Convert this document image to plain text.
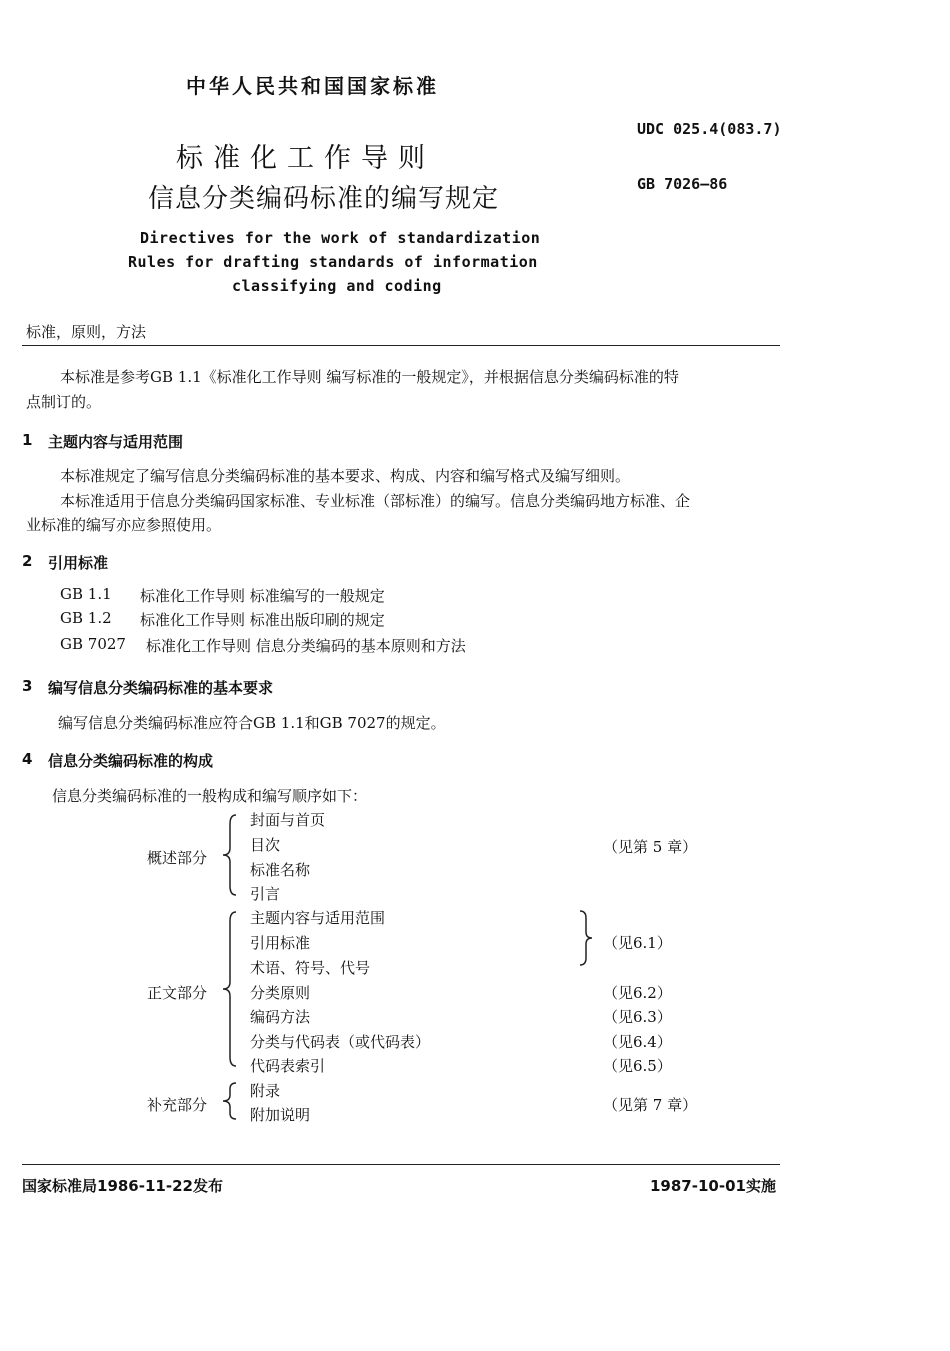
中华人民共和国国家标准
UDC 025.4(083.7)
GB 7026—86
标准化工作导则
信息分类编码标准的编写规定
Directives for the work of standardization
Rules for drafting standards of information
classifying and coding
标准，原则，方法
本标准是参考GB 1.1《标准化工作导则 编写标准的一般规定》，并根据信息分类编码标准的特
点制订的。
1 主题内容与适用范围
本标准规定了编写信息分类编码标准的基本要求、构成、内容和编写格式及编写细则。
本标准适用于信息分类编码国家标准、专业标准（部标准）的编写。信息分类编码地方标准、企
业标准的编写亦应参照使用。
2 引用标准
GB 1.1 标准化工作导则 标准编写的一般规定
GB 1.2 标准化工作导则 标准出版印刷的规定
GB 7027 标准化工作导则 信息分类编码的基本原则和方法
3 编写信息分类编码标准的基本要求
编写信息分类编码标准应符合GB 1.1和GB 7027的规定。
4 信息分类编码标准的构成
信息分类编码标准的一般构成和编写顺序如下：
概述部分
封面与首页
目次
标准名称
引言
（见第 5 章）
正文部分
主题内容与适用范围
引用标准
术语、符号、代号
分类原则
编码方法
分类与代码表（或代码表）
代码表索引
（见6.1）
（见6.2）
（见6.3）
（见6.4）
（见6.5）
补充部分
附录
附加说明
（见第 7 章）
国家标准局1986-11-22发布	1987-10-01实施
